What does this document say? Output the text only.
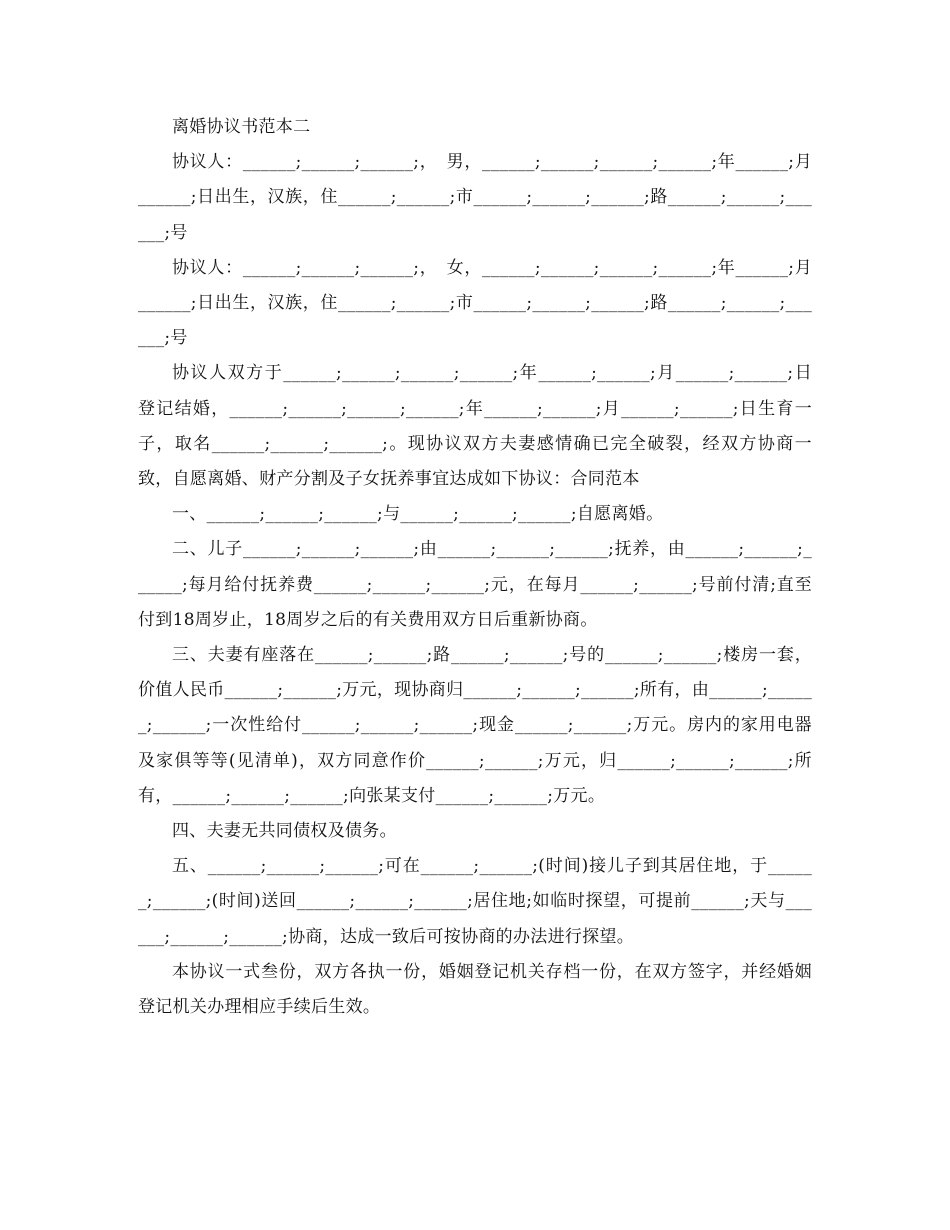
离婚协议书范本二

协议人：______;______;______;，　男，______;______;______;______;年______;月______;日出生，汉族，住______;______;市______;______;______;路______;______;______;号

协议人：______;______;______;，　女，______;______;______;______;年______;月______;日出生，汉族，住______;______;市______;______;______;路______;______;______;号

协议人双方于______;______;______;______;年______;______;月______;______;日登记结婚，______;______;______;______;年______;______;月______;______;日生育一子，取名______;______;______;。现协议双方夫妻感情确已完全破裂，经双方协商一致，自愿离婚、财产分割及子女抚养事宜达成如下协议：合同范本

一、______;______;______;与______;______;______;自愿离婚。

二、儿子______;______;______;由______;______;______;抚养，由______;______;______;每月给付抚养费______;______;______;元，在每月______;______;号前付清;直至付到18周岁止，18周岁之后的有关费用双方日后重新协商。

三、夫妻有座落在______;______;路______;______;号的______;______;楼房一套，价值人民币______;______;万元，现协商归______;______;______;所有，由______;______;______;一次性给付______;______;______;现金______;______;万元。房内的家用电器及家俱等等(见清单)，双方同意作价______;______;万元，归______;______;______;所有，______;______;______;向张某支付______;______;万元。

四、夫妻无共同债权及债务。

五、______;______;______;可在______;______;(时间)接儿子到其居住地，于______;______;(时间)送回______;______;______;居住地;如临时探望，可提前______;天与______;______;______;协商，达成一致后可按协商的办法进行探望。

本协议一式叁份，双方各执一份，婚姻登记机关存档一份，在双方签字，并经婚姻登记机关办理相应手续后生效。
